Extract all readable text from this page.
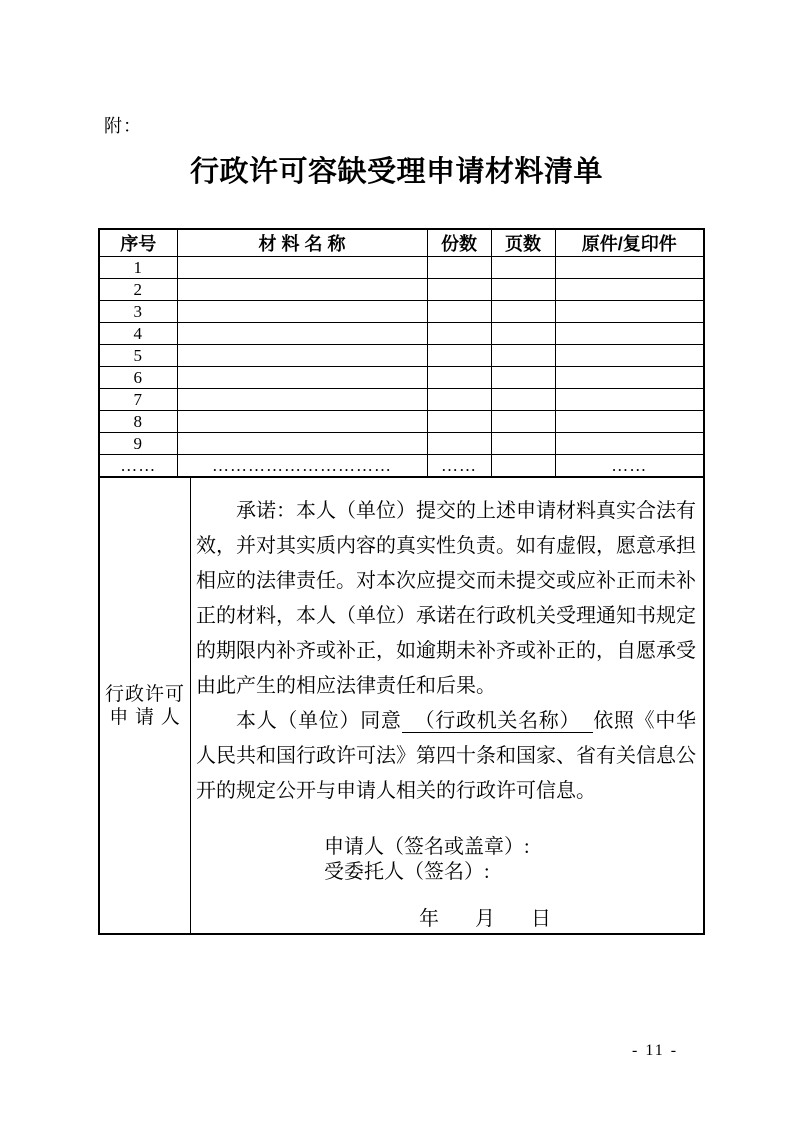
附：
行政许可容缺受理申请材料清单
序号	材 料 名 称	份数	页数	原件/复印件
1				
2				
3				
4				
5				
6				
7				
8				
9				
……	…………………………	……		……
行政许可
申 请 人

承诺：本人（单位）提交的上述申请材料真实合法有效，并对其实质内容的真实性负责。如有虚假，愿意承担相应的法律责任。对本次应提交而未提交或应补正而未补正的材料，本人（单位）承诺在行政机关受理通知书规定的期限内补齐或补正，如逾期未补齐或补正的，自愿承受由此产生的相应法律责任和后果。

本人（单位）同意 （行政机关名称） 依照《中华人民共和国行政许可法》第四十条和国家、省有关信息公开的规定公开与申请人相关的行政许可信息。

申请人（签名或盖章）:
受委托人（签名）:
年 月 日
- 11 -
